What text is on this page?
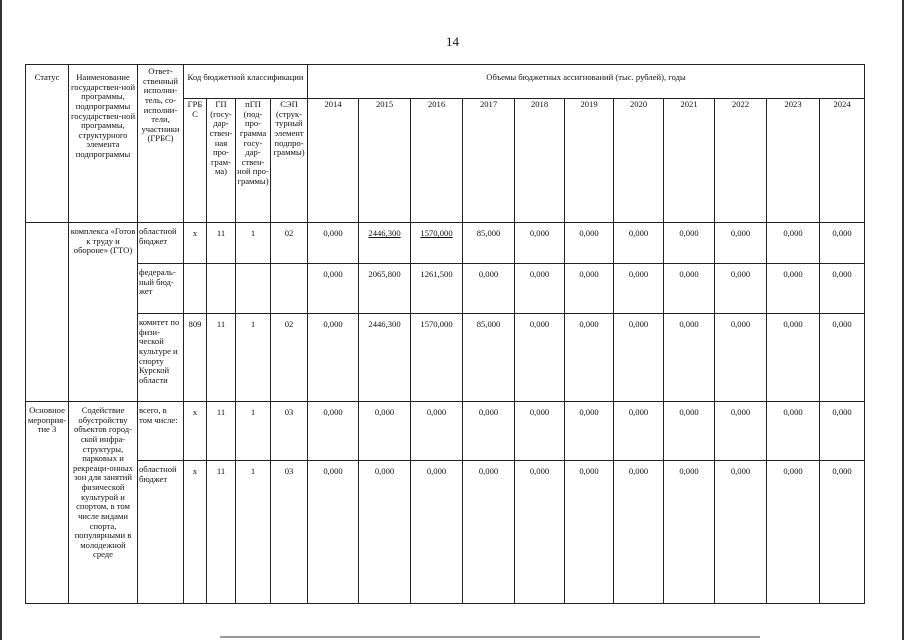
14
Статус	Наименование государствен-ной программы, подпрограммы государствен-ной программы, структурного элемента подпрограммы	Ответ-ственный исполни-тель, со-исполни-тели, участники (ГРБС)	Код бюджетной классификации				Объемы бюджетных ассигнований (тыс. рублей), годы										
			ГРБ С	ГП (госу-дар-ствен-ная про-грам-ма)	пГП (под-про-грамма госу-дар-ствен-ной про-граммы)	СЭП (струк-турный элемент подпро-граммы)	2014	2015	2016	2017	2018	2019	2020	2021	2022	2023	2024
	комплекса «Готов к труду и обороне» (ГТО)	областной бюджет	x	11	1	02	0,000	2446,300	1570,000	85,000	0,000	0,000	0,000	0,000	0,000	0,000	0,000
		федераль-ный бюд-жет					0,000	2065,800	1261,500	0,000	0,000	0,000	0,000	0,000	0,000	0,000	0,000
		комитет по физи-ческой культуре и спорту Курской области	809	11	1	02	0,000	2446,300	1570,000	85,000	0,000	0,000	0,000	0,000	0,000	0,000	0,000
Основное мероприя-тие 3	Содействие обустройству объектов город-ской инфра-структуры, парковых и рекреаци-онных зон для занятий физической культурой и спортом, в том числе видами спорта, популярными в молодежной среде	всего, в том числе:	x	11	1	03	0,000	0,000	0,000	0,000	0,000	0,000	0,000	0,000	0,000	0,000	0,000
		областной бюджет	x	11	1	03	0,000	0,000	0,000	0,000	0,000	0,000	0,000	0,000	0,000	0,000	0,000
